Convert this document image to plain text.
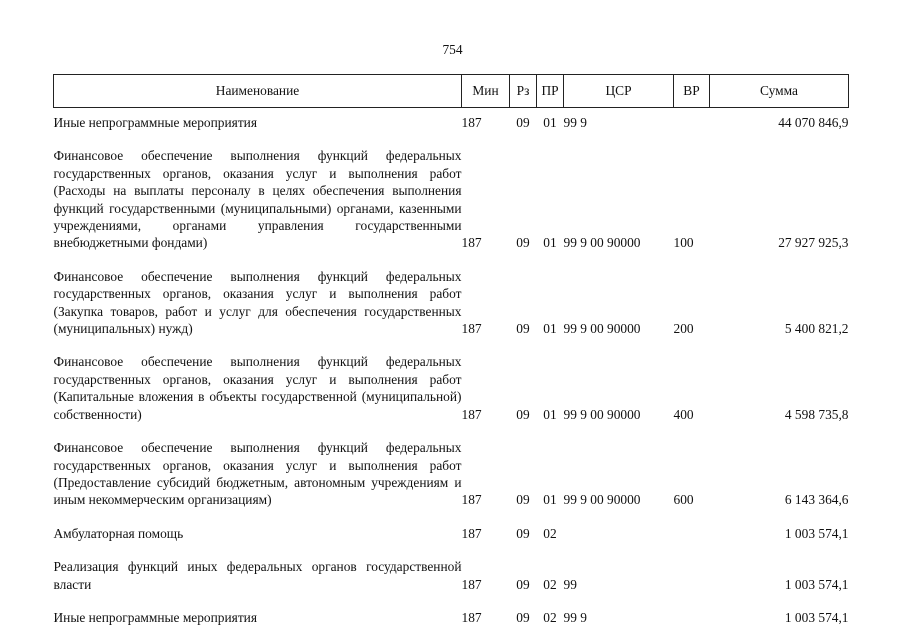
754
Наименование	Мин	Рз	ПР	ЦСР	ВР	Сумма
Иные непрограммные мероприятия	187	09	01	99 9		44 070 846,9
Финансовое обеспечение выполнения функций федеральных государственных органов, оказания услуг и выполнения работ (Расходы на выплаты персоналу в целях обеспечения выполнения функций государственными (муниципальными) органами, казенными учреждениями, органами управления государственными внебюджетными фондами)	187	09	01	99 9 00 90000	100	27 927 925,3
Финансовое обеспечение выполнения функций федеральных государственных органов, оказания услуг и выполнения работ (Закупка товаров, работ и услуг для обеспечения государственных (муниципальных) нужд)	187	09	01	99 9 00 90000	200	5 400 821,2
Финансовое обеспечение выполнения функций федеральных государственных органов, оказания услуг и выполнения работ (Капитальные вложения в объекты государственной (муниципальной) собственности)	187	09	01	99 9 00 90000	400	4 598 735,8
Финансовое обеспечение выполнения функций федеральных государственных органов, оказания услуг и выполнения работ (Предоставление субсидий бюджетным, автономным учреждениям и иным некоммерческим организациям)	187	09	01	99 9 00 90000	600	6 143 364,6
Амбулаторная помощь	187	09	02			1 003 574,1
Реализация функций иных федеральных органов государственной власти	187	09	02	99		1 003 574,1
Иные непрограммные мероприятия	187	09	02	99 9		1 003 574,1
